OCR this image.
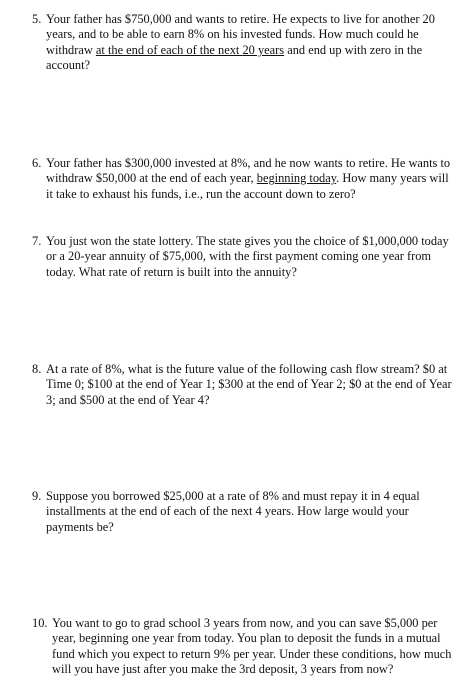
5. Your father has $750,000 and wants to retire. He expects to live for another 20 years, and to be able to earn 8% on his invested funds. How much could he withdraw at the end of each of the next 20 years and end up with zero in the account?
6. Your father has $300,000 invested at 8%, and he now wants to retire. He wants to withdraw $50,000 at the end of each year, beginning today. How many years will it take to exhaust his funds, i.e., run the account down to zero?
7. You just won the state lottery. The state gives you the choice of $1,000,000 today or a 20-year annuity of $75,000, with the first payment coming one year from today. What rate of return is built into the annuity?
8. At a rate of 8%, what is the future value of the following cash flow stream? $0 at Time 0; $100 at the end of Year 1; $300 at the end of Year 2; $0 at the end of Year 3; and $500 at the end of Year 4?
9. Suppose you borrowed $25,000 at a rate of 8% and must repay it in 4 equal installments at the end of each of the next 4 years. How large would your payments be?
10. You want to go to grad school 3 years from now, and you can save $5,000 per year, beginning one year from today. You plan to deposit the funds in a mutual fund which you expect to return 9% per year. Under these conditions, how much will you have just after you make the 3rd deposit, 3 years from now?
